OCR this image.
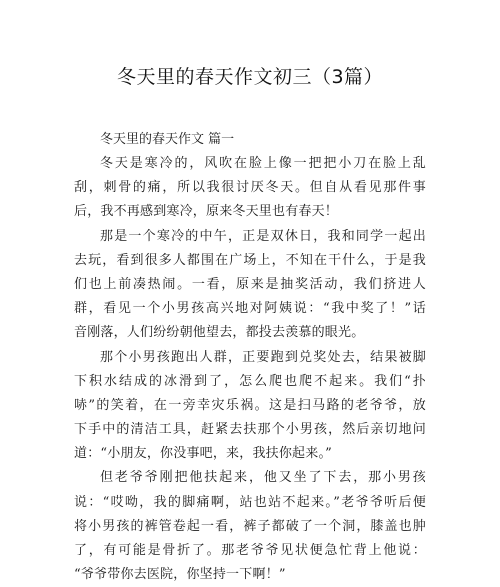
冬天里的春天作文初三（3篇）
冬天里的春天作文 篇一
冬天是寒冷的，风吹在脸上像一把把小刀在脸上乱
刮，刺骨的痛，所以我很讨厌冬天。但自从看见那件事
后，我不再感到寒冷，原来冬天里也有春天！
那是一个寒冷的中午，正是双休日，我和同学一起出
去玩，看到很多人都围在广场上，不知在干什么，于是我
们也上前凑热闹。一看，原来是抽奖活动，我们挤进人
群，看见一个小男孩高兴地对阿姨说：“我中奖了！”话
音刚落，人们纷纷朝他望去，都投去羡慕的眼光。
那个小男孩跑出人群，正要跑到兑奖处去，结果被脚
下积水结成的冰滑到了，怎么爬也爬不起来。我们“扑
哧”的笑着，在一旁幸灾乐祸。这是扫马路的老爷爷，放
下手中的清洁工具，赶紧去扶那个小男孩，然后亲切地问
道：“小朋友，你没事吧，来，我扶你起来。”
但老爷爷刚把他扶起来，他又坐了下去，那小男孩
说：“哎呦，我的脚痛啊，站也站不起来。”老爷爷听后便
将小男孩的裤管卷起一看，裤子都破了一个洞，膝盖也肿
了，有可能是骨折了。那老爷爷见状便急忙背上他说：
“爷爷带你去医院，你坚持一下啊！”
